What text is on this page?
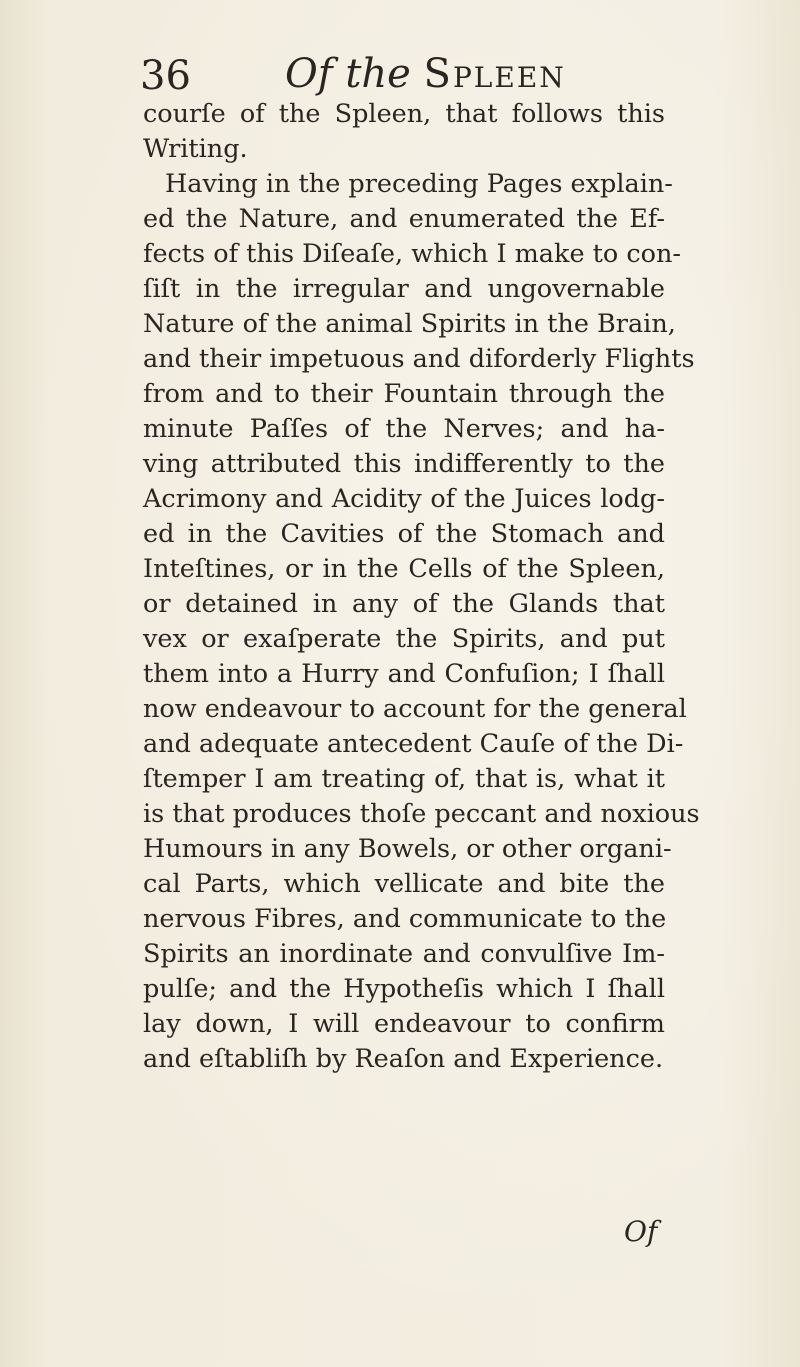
36 Of the Spleen
courſe of the Spleen, that follows this
Writing.
Having in the preceding Pages explain-
ed the Nature, and enumerated the Ef-
fects of this Diſeaſe, which I make to con-
ſiſt in the irregular and ungovernable
Nature of the animal Spirits in the Brain,
and their impetuous and diforderly Flights
from and to their Fountain through the
minute Paſſes of the Nerves; and ha-
ving attributed this indifferently to the
Acrimony and Acidity of the Juices lodg-
ed in the Cavities of the Stomach and
Inteſtines, or in the Cells of the Spleen,
or detained in any of the Glands that
vex or exaſperate the Spirits, and put
them into a Hurry and Confuſion; I ſhall
now endeavour to account for the general
and adequate antecedent Cauſe of the Di-
ſtemper I am treating of, that is, what it
is that produces thoſe peccant and noxious
Humours in any Bowels, or other organi-
cal Parts, which vellicate and bite the
nervous Fibres, and communicate to the
Spirits an inordinate and convulſive Im-
pulſe; and the Hypotheſis which I ſhall
lay down, I will endeavour to confirm
and eſtabliſh by Reaſon and Experience.
Of
